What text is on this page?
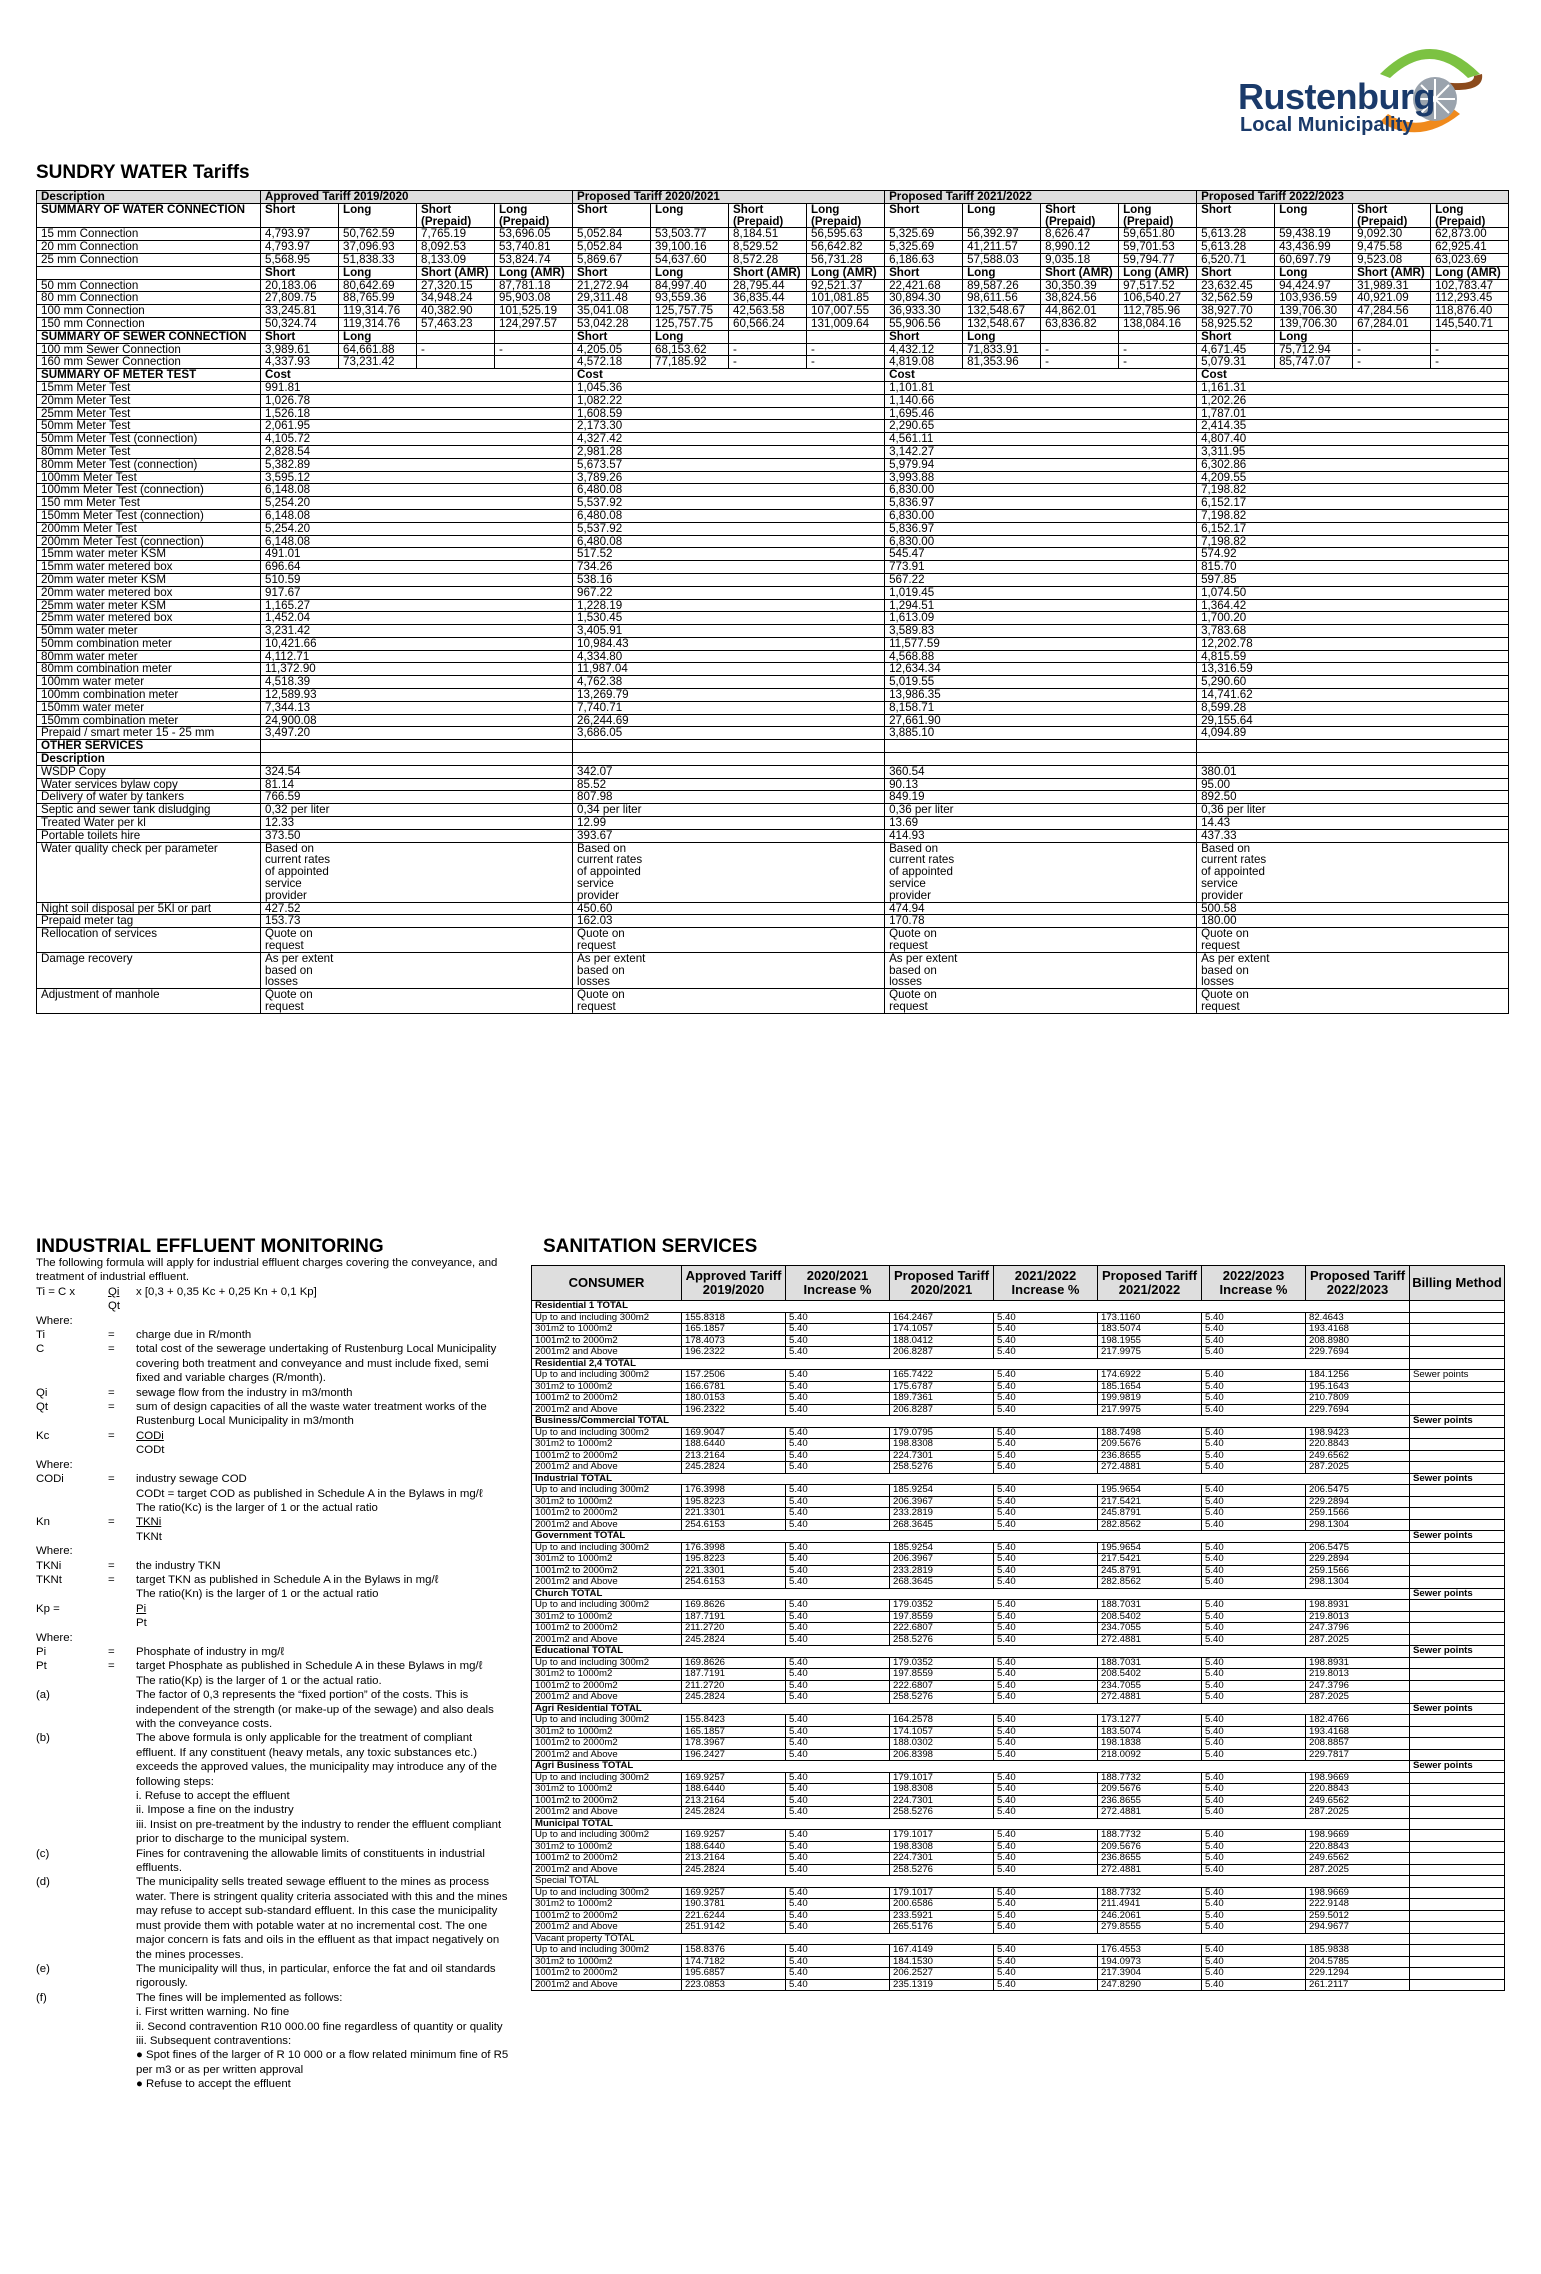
Rustenburg
Local Municipality
SUNDRY WATER Tariffs
Description	Approved Tariff 2019/2020				Proposed Tariff 2020/2021				Proposed Tariff 2021/2022				Proposed Tariff 2022/2023			
SUMMARY OF WATER CONNECTION	Short	Long	Short (Prepaid)	Long (Prepaid)	Short	Long	Short (Prepaid)	Long (Prepaid)	Short	Long	Short (Prepaid)	Long (Prepaid)	Short	Long	Short (Prepaid)	Long (Prepaid)
15 mm Connection	4,793.97	50,762.59	7,765.19	53,696.05	5,052.84	53,503.77	8,184.51	56,595.63	5,325.69	56,392.97	8,626.47	59,651.80	5,613.28	59,438.19	9,092.30	62,873.00
20 mm Connection	4,793.97	37,096.93	8,092.53	53,740.81	5,052.84	39,100.16	8,529.52	56,642.82	5,325.69	41,211.57	8,990.12	59,701.53	5,613.28	43,436.99	9,475.58	62,925.41
25 mm Connection	5,568.95	51,838.33	8,133.09	53,824.74	5,869.67	54,637.60	8,572.28	56,731.28	6,186.63	57,588.03	9,035.18	59,794.77	6,520.71	60,697.79	9,523.08	63,023.69
	Short	Long	Short (AMR)	Long (AMR)	Short	Long	Short (AMR)	Long (AMR)	Short	Long	Short (AMR)	Long (AMR)	Short	Long	Short (AMR)	Long (AMR)
50 mm Connection	20,183.06	80,642.69	27,320.15	87,781.18	21,272.94	84,997.40	28,795.44	92,521.37	22,421.68	89,587.26	30,350.39	97,517.52	23,632.45	94,424.97	31,989.31	102,783.47
80 mm Connection	27,809.75	88,765.99	34,948.24	95,903.08	29,311.48	93,559.36	36,835.44	101,081.85	30,894.30	98,611.56	38,824.56	106,540.27	32,562.59	103,936.59	40,921.09	112,293.45
100 mm Connection	33,245.81	119,314.76	40,382.90	101,525.19	35,041.08	125,757.75	42,563.58	107,007.55	36,933.30	132,548.67	44,862.01	112,785.96	38,927.70	139,706.30	47,284.56	118,876.40
150 mm Connection	50,324.74	119,314.76	57,463.23	124,297.57	53,042.28	125,757.75	60,566.24	131,009.64	55,906.56	132,548.67	63,836.82	138,084.16	58,925.52	139,706.30	67,284.01	145,540.71
SUMMARY OF SEWER CONNECTION	Short	Long			Short	Long			Short	Long			Short	Long		
100 mm Sewer Connection	3,989.61	64,661.88	-	-	4,205.05	68,153.62	-	-	4,432.12	71,833.91	-	-	4,671.45	75,712.94	-	-
160 mm Sewer Connection	4,337.93	73,231.42			4,572.18	77,185.92	-	-	4,819.08	81,353.96	-	-	5,079.31	85,747.07	-	-
SUMMARY OF METER TEST	Cost				Cost				Cost				Cost			
15mm Meter Test	991.81				1,045.36				1,101.81				1,161.31			
20mm Meter Test	1,026.78				1,082.22				1,140.66				1,202.26			
25mm Meter Test	1,526.18				1,608.59				1,695.46				1,787.01			
50mm Meter Test	2,061.95				2,173.30				2,290.65				2,414.35			
50mm Meter Test (connection)	4,105.72				4,327.42				4,561.11				4,807.40			
80mm Meter Test	2,828.54				2,981.28				3,142.27				3,311.95			
80mm Meter Test (connection)	5,382.89				5,673.57				5,979.94				6,302.86			
100mm Meter Test	3,595.12				3,789.26				3,993.88				4,209.55			
100mm Meter Test (connection)	6,148.08				6,480.08				6,830.00				7,198.82			
150 mm Meter Test	5,254.20				5,537.92				5,836.97				6,152.17			
150mm Meter Test (connection)	6,148.08				6,480.08				6,830.00				7,198.82			
200mm Meter Test	5,254.20				5,537.92				5,836.97				6,152.17			
200mm Meter Test (connection)	6,148.08				6,480.08				6,830.00				7,198.82			
15mm water meter KSM	491.01				517.52				545.47				574.92			
15mm water metered box	696.64				734.26				773.91				815.70			
20mm water meter KSM	510.59				538.16				567.22				597.85			
20mm water metered box	917.67				967.22				1,019.45				1,074.50			
25mm water meter KSM	1,165.27				1,228.19				1,294.51				1,364.42			
25mm water metered box	1,452.04				1,530.45				1,613.09				1,700.20			
50mm water meter	3,231.42				3,405.91				3,589.83				3,783.68			
50mm combination meter	10,421.66				10,984.43				11,577.59				12,202.78			
80mm water meter	4,112.71				4,334.80				4,568.88				4,815.59			
80mm combination meter	11,372.90				11,987.04				12,634.34				13,316.59			
100mm water meter	4,518.39				4,762.38				5,019.55				5,290.60			
100mm combination meter	12,589.93				13,269.79				13,986.35				14,741.62			
150mm water meter	7,344.13				7,740.71				8,158.71				8,599.28			
150mm combination meter	24,900.08				26,244.69				27,661.90				29,155.64			
Prepaid / smart meter 15 - 25 mm	3,497.20				3,686.05				3,885.10				4,094.89			
OTHER SERVICES																
Description																
WSDP Copy	324.54				342.07				360.54				380.01			
Water services bylaw copy	81.14				85.52				90.13				95.00			
Delivery of water by tankers	766.59				807.98				849.19				892.50			
Septic and sewer tank disludging	0,32 per liter				0,34 per liter				0,36 per liter				0,36 per liter			
Treated Water per kl	12.33				12.99				13.69				14.43			
Portable toilets hire	373.50				393.67				414.93				437.33			
Water quality check per parameter	Based on current rates of appointed service provider				Based on current rates of appointed service provider				Based on current rates of appointed service provider				Based on current rates of appointed service provider			

Night soil disposal per 5Kl or part	427.52				450.60				474.94				500.58			
Prepaid meter tag	153.73				162.03				170.78				180.00			
Rellocation of services	Quote on request				Quote on request				Quote on request				Quote on request			

Damage recovery	As per extent based on losses				As per extent based on losses				As per extent based on losses				As per extent based on losses			

Adjustment of manhole	Quote on request				Quote on request				Quote on request				Quote on request			
INDUSTRIAL EFFLUENT MONITORING
The following formula will apply for industrial effluent charges covering the conveyance, and treatment of industrial effluent.
Ti = C x	Qi x [0,3 + 0,35 Kc + 0,25 Kn + 0,1 Kp]
Qt

Where:

Ti	= charge due in R/month
C	= total cost of the sewerage undertaking of Rustenburg Local Municipality covering both treatment and conveyance and must include fixed, semi fixed and variable charges (R/month).
Qi	= sewage flow from the industry in m3/month
Qt	= sum of design capacities of all the waste water treatment works of the Rustenburg Local Municipality in m3/month
Kc	= CODi
CODt
Where:

CODi	= industry sewage COD
CODt = target COD as published in Schedule A in the Bylaws in mg/ℓ
The ratio(Kc) is the larger of 1 or the actual ratio
Kn	= TKNi
TKNt
Where:

TKNi	= the industry TKN
TKNt	= target TKN as published in Schedule A in the Bylaws in mg/ℓ
The ratio(Kn) is the larger of 1 or the actual ratio
Kp =	Pi
Pt
Where:

Pi	= Phosphate of industry in mg/ℓ
Pt	= target Phosphate as published in Schedule A in these Bylaws in mg/ℓ
The ratio(Kp) is the larger of 1 or the actual ratio.
(a)	The factor of 0,3 represents the “fixed portion” of the costs. This is independent of the strength (or make-up of the sewage) and also deals with the conveyance costs.
(b)	The above formula is only applicable for the treatment of compliant effluent. If any constituent (heavy metals, any toxic substances etc.) exceeds the approved values, the municipality may introduce any of the following steps:
i. Refuse to accept the effluent
ii. Impose a fine on the industry
iii. Insist on pre-treatment by the industry to render the effluent compliant prior to discharge to the municipal system.
(c)	Fines for contravening the allowable limits of constituents in industrial effluents.
(d)	The municipality sells treated sewage effluent to the mines as process water. There is stringent quality criteria associated with this and the mines may refuse to accept sub-standard effluent. In this case the municipality must provide them with potable water at no incremental cost. The one major concern is fats and oils in the effluent as that impact negatively on the mines processes.
(e)	The municipality will thus, in particular, enforce the fat and oil standards rigorously.
(f)	The fines will be implemented as follows:
i. First written warning. No fine
ii. Second contravention R10 000.00 fine regardless of quantity or quality
iii. Subsequent contraventions:
● Spot fines of the larger of R 10 000 or a flow related minimum fine of R5 per m3 or as per written approval
● Refuse to accept the effluent
SANITATION SERVICES
CONSUMER	Approved Tariff 2019/2020	2020/2021 Increase %	Proposed Tariff 2020/2021	2021/2022 Increase %	Proposed Tariff 2021/2022	2022/2023 Increase %	Proposed Tariff 2022/2023	Billing Method
Residential 1 TOTAL								
Up to and including 300m2	155.8318	5.40	164.2467	5.40	173.1160	5.40	82.4643	
301m2 to 1000m2	165.1857	5.40	174.1057	5.40	183.5074	5.40	193.4168	
1001m2 to 2000m2	178.4073	5.40	188.0412	5.40	198.1955	5.40	208.8980	
2001m2 and Above	196.2322	5.40	206.8287	5.40	217.9975	5.40	229.7694	
Residential 2,4 TOTAL								
Up to and including 300m2	157.2506	5.40	165.7422	5.40	174.6922	5.40	184.1256	Sewer points
301m2 to 1000m2	166.6781	5.40	175.6787	5.40	185.1654	5.40	195.1643	
1001m2 to 2000m2	180.0153	5.40	189.7361	5.40	199.9819	5.40	210.7809	
2001m2 and Above	196.2322	5.40	206.8287	5.40	217.9975	5.40	229.7694	
Business/Commercial TOTAL								Sewer points
Up to and including 300m2	169.9047	5.40	179.0795	5.40	188.7498	5.40	198.9423	
301m2 to 1000m2	188.6440	5.40	198.8308	5.40	209.5676	5.40	220.8843	
1001m2 to 2000m2	213.2164	5.40	224.7301	5.40	236.8655	5.40	249.6562	
2001m2 and Above	245.2824	5.40	258.5276	5.40	272.4881	5.40	287.2025	
Industrial TOTAL								Sewer points
Up to and including 300m2	176.3998	5.40	185.9254	5.40	195.9654	5.40	206.5475	
301m2 to 1000m2	195.8223	5.40	206.3967	5.40	217.5421	5.40	229.2894	
1001m2 to 2000m2	221.3301	5.40	233.2819	5.40	245.8791	5.40	259.1566	
2001m2 and Above	254.6153	5.40	268.3645	5.40	282.8562	5.40	298.1304	
Government TOTAL								Sewer points
Up to and including 300m2	176.3998	5.40	185.9254	5.40	195.9654	5.40	206.5475	
301m2 to 1000m2	195.8223	5.40	206.3967	5.40	217.5421	5.40	229.2894	
1001m2 to 2000m2	221.3301	5.40	233.2819	5.40	245.8791	5.40	259.1566	
2001m2 and Above	254.6153	5.40	268.3645	5.40	282.8562	5.40	298.1304	
Church TOTAL								Sewer points
Up to and including 300m2	169.8626	5.40	179.0352	5.40	188.7031	5.40	198.8931	
301m2 to 1000m2	187.7191	5.40	197.8559	5.40	208.5402	5.40	219.8013	
1001m2 to 2000m2	211.2720	5.40	222.6807	5.40	234.7055	5.40	247.3796	
2001m2 and Above	245.2824	5.40	258.5276	5.40	272.4881	5.40	287.2025	
Educational TOTAL								Sewer points
Up to and including 300m2	169.8626	5.40	179.0352	5.40	188.7031	5.40	198.8931	
301m2 to 1000m2	187.7191	5.40	197.8559	5.40	208.5402	5.40	219.8013	
1001m2 to 2000m2	211.2720	5.40	222.6807	5.40	234.7055	5.40	247.3796	
2001m2 and Above	245.2824	5.40	258.5276	5.40	272.4881	5.40	287.2025	
Agri Residential TOTAL								Sewer points
Up to and including 300m2	155.8423	5.40	164.2578	5.40	173.1277	5.40	182.4766	
301m2 to 1000m2	165.1857	5.40	174.1057	5.40	183.5074	5.40	193.4168	
1001m2 to 2000m2	178.3967	5.40	188.0302	5.40	198.1838	5.40	208.8857	
2001m2 and Above	196.2427	5.40	206.8398	5.40	218.0092	5.40	229.7817	
Agri Business TOTAL								Sewer points
Up to and including 300m2	169.9257	5.40	179.1017	5.40	188.7732	5.40	198.9669	
301m2 to 1000m2	188.6440	5.40	198.8308	5.40	209.5676	5.40	220.8843	
1001m2 to 2000m2	213.2164	5.40	224.7301	5.40	236.8655	5.40	249.6562	
2001m2 and Above	245.2824	5.40	258.5276	5.40	272.4881	5.40	287.2025	
Municipal TOTAL								
Up to and including 300m2	169.9257	5.40	179.1017	5.40	188.7732	5.40	198.9669	
301m2 to 1000m2	188.6440	5.40	198.8308	5.40	209.5676	5.40	220.8843	
1001m2 to 2000m2	213.2164	5.40	224.7301	5.40	236.8655	5.40	249.6562	
2001m2 and Above	245.2824	5.40	258.5276	5.40	272.4881	5.40	287.2025	
Special TOTAL								
Up to and including 300m2	169.9257	5.40	179.1017	5.40	188.7732	5.40	198.9669	
301m2 to 1000m2	190.3781	5.40	200.6586	5.40	211.4941	5.40	222.9148	
1001m2 to 2000m2	221.6244	5.40	233.5921	5.40	246.2061	5.40	259.5012	
2001m2 and Above	251.9142	5.40	265.5176	5.40	279.8555	5.40	294.9677	
Vacant property TOTAL								
Up to and including 300m2	158.8376	5.40	167.4149	5.40	176.4553	5.40	185.9838	
301m2 to 1000m2	174.7182	5.40	184.1530	5.40	194.0973	5.40	204.5785	
1001m2 to 2000m2	195.6857	5.40	206.2527	5.40	217.3904	5.40	229.1294	
2001m2 and Above	223.0853	5.40	235.1319	5.40	247.8290	5.40	261.2117	
